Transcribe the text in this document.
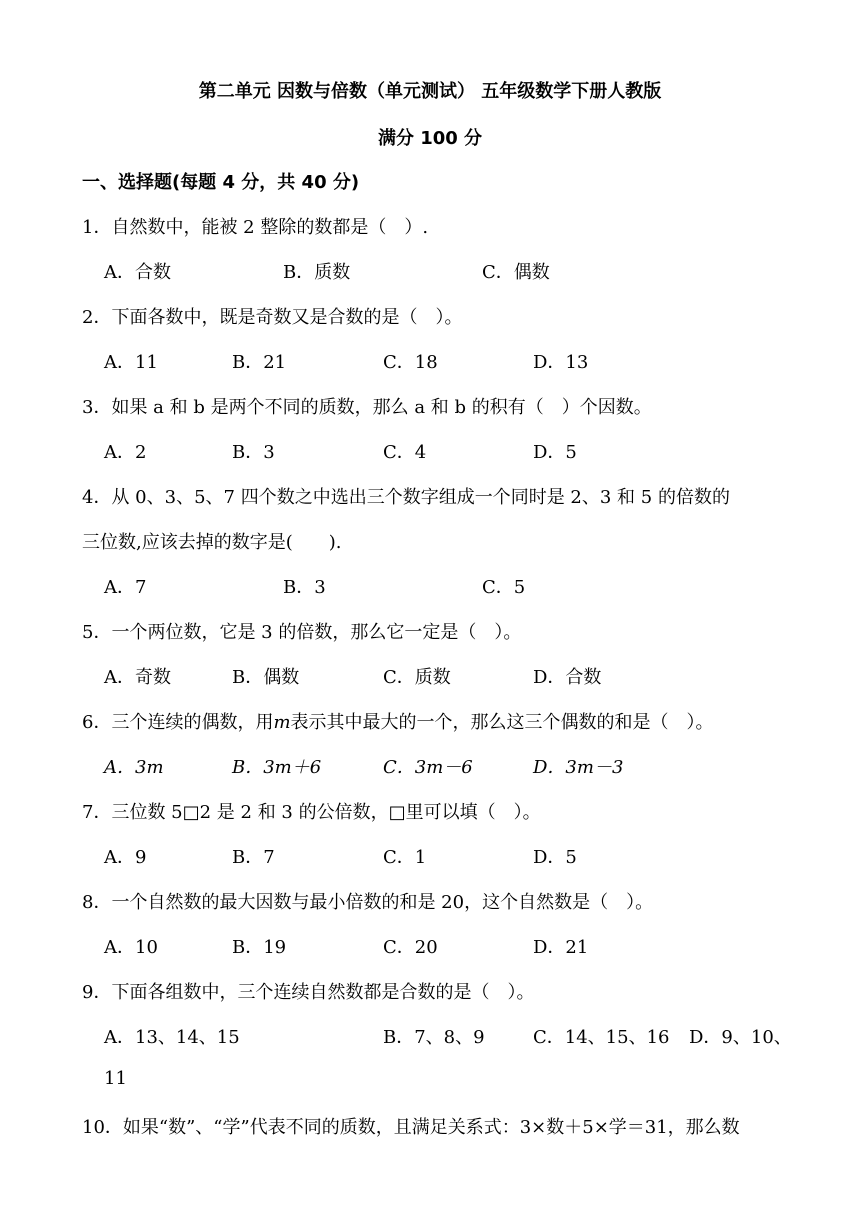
第二单元 因数与倍数（单元测试） 五年级数学下册人教版
满分 100 分
一、选择题(每题 4 分，共 40 分)
1．自然数中，能被 2 整除的数都是（　）.
A．合数	B．质数	C．偶数
2．下面各数中，既是奇数又是合数的是（　）。
A．11	B．21	C．18	D．13
3．如果 a 和 b 是两个不同的质数，那么 a 和 b 的积有（　）个因数。
A．2	B．3	C．4	D．5
4．从 0、3、5、7 四个数之中选出三个数字组成一个同时是 2、3 和 5 的倍数的
三位数,应该去掉的数字是(　　).
A．7	B．3	C．5
5．一个两位数，它是 3 的倍数，那么它一定是（　）。
A．奇数	B．偶数	C．质数	D．合数
6．三个连续的偶数，用m表示其中最大的一个，那么这三个偶数的和是（　）。
A．3m	B．3m＋6	C．3m－6	D．3m－3
7．三位数 5□2 是 2 和 3 的公倍数，□里可以填（　）。
A．9	B．7	C．1	D．5
8．一个自然数的最大因数与最小倍数的和是 20，这个自然数是（　）。
A．10	B．19	C．20	D．21
9．下面各组数中，三个连续自然数都是合数的是（　）。
A．13、14、15	B．7、8、9	C．14、15、16 D．9、10、
11
10．如果“数”、“学”代表不同的质数，且满足关系式：3×数＋5×学＝31，那么数
